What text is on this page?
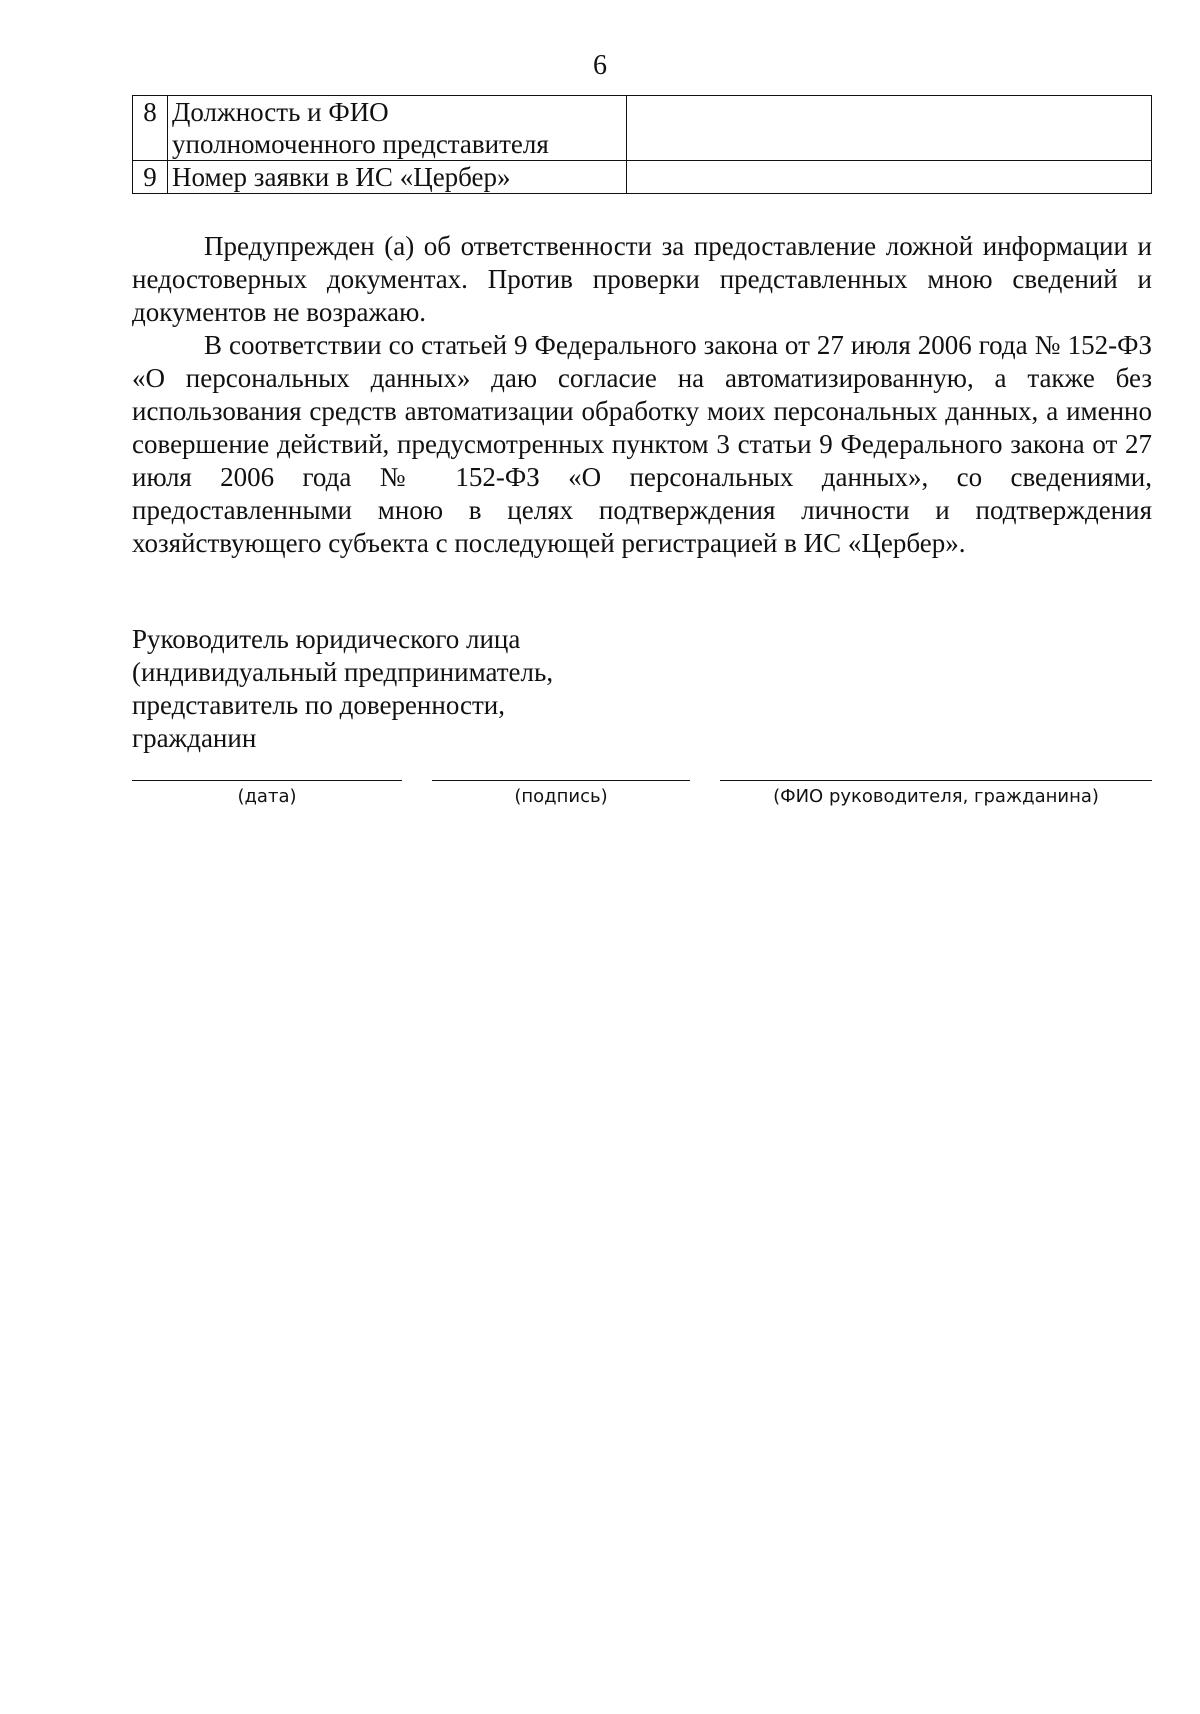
6
8	Должность и ФИО
уполномоченного представителя	

9	Номер заявки в ИС «Цербер»	

Предупрежден (а) об ответственности за предоставление ложной информации и недостоверных документах. Против проверки представленных мною сведений и документов не возражаю.

В соответствии со статьей 9 Федерального закона от 27 июля 2006 года № 152-ФЗ «О персональных данных» даю согласие на автоматизированную, а также без использования средств автоматизации обработку моих персональных данных, а именно совершение действий, предусмотренных пунктом 3 статьи 9 Федерального закона от 27 июля 2006 года № 152-ФЗ «О персональных данных», со сведениями, предоставленными мною в целях подтверждения личности и подтверждения хозяйствующего субъекта с последующей регистрацией в ИС «Цербер».

Руководитель юридического лица
(индивидуальный предприниматель,
представитель по доверенности,
гражданин
(дата)	(подпись)	(ФИО руководителя, гражданина)
